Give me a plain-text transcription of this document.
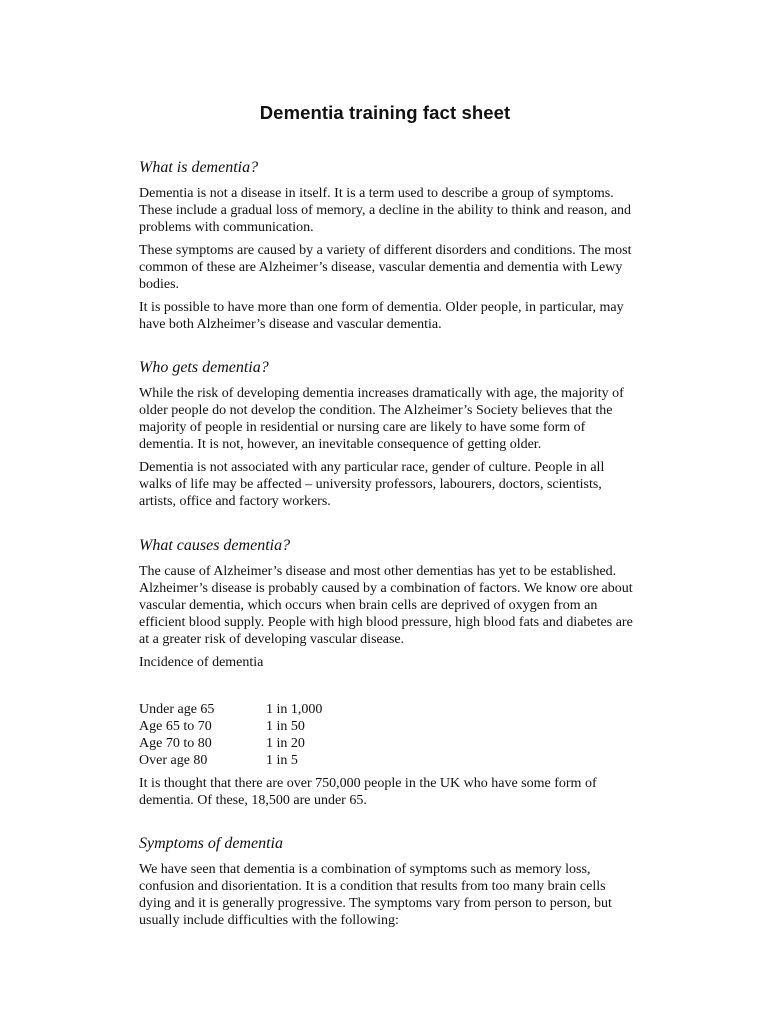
Dementia training fact sheet
What is dementia?

Dementia is not a disease in itself. It is a term used to describe a group of symptoms. These include a gradual loss of memory, a decline in the ability to think and reason, and problems with communication.

These symptoms are caused by a variety of different disorders and conditions. The most common of these are Alzheimer’s disease, vascular dementia and dementia with Lewy bodies.

It is possible to have more than one form of dementia. Older people, in particular, may have both Alzheimer’s disease and vascular dementia.

Who gets dementia?

While the risk of developing dementia increases dramatically with age, the majority of older people do not develop the condition. The Alzheimer’s Society believes that the majority of people in residential or nursing care are likely to have some form of dementia. It is not, however, an inevitable consequence of getting older.

Dementia is not associated with any particular race, gender of culture. People in all walks of life may be affected – university professors, labourers, doctors, scientists, artists, office and factory workers.

What causes dementia?

The cause of Alzheimer’s disease and most other dementias has yet to be established. Alzheimer’s disease is probably caused by a combination of factors. We know ore about vascular dementia, which occurs when brain cells are deprived of oxygen from an efficient blood supply. People with high blood pressure, high blood fats and diabetes are at a greater risk of developing vascular disease.

Incidence of dementia

Under age 65	1 in 1,000
Age 65 to 70	1 in 50
Age 70 to 80	1 in 20
Over age 80	1 in 5

It is thought that there are over 750,000 people in the UK who have some form of dementia. Of these, 18,500 are under 65.

Symptoms of dementia

We have seen that dementia is a combination of symptoms such as memory loss, confusion and disorientation. It is a condition that results from too many brain cells dying and it is generally progressive. The symptoms vary from person to person, but usually include difficulties with the following:
